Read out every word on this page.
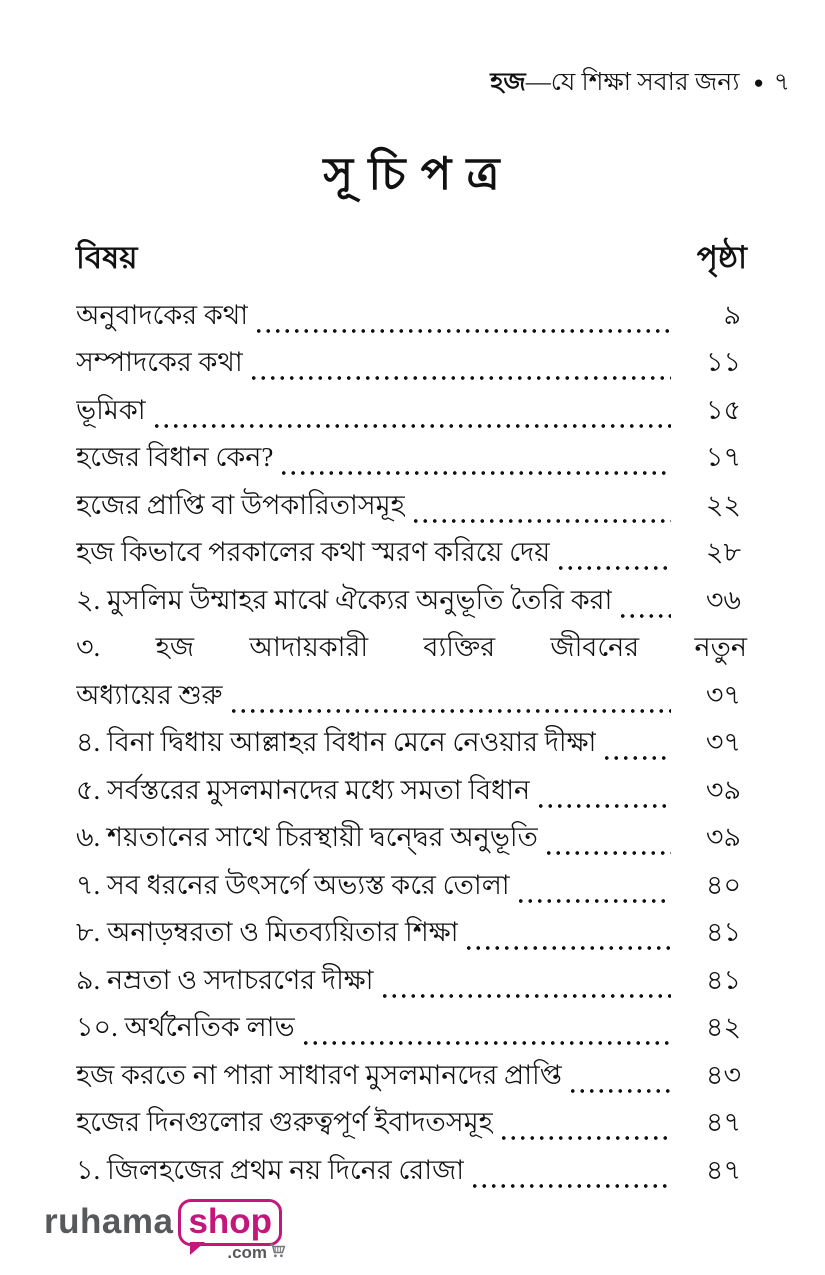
হজ—যে শিক্ষা সবার জন্য ● ৭
সূ চি প ত্র
বিষয়	পৃষ্ঠা
অনুবাদকের কথা	৯
সম্পাদকের কথা	১১
ভূমিকা	১৫
হজের বিধান কেন?	১৭
হজের প্রাপ্তি বা উপকারিতাসমূহ	২২
হজ কিভাবে পরকালের কথা স্মরণ করিয়ে দেয়	২৮
২. মুসলিম উম্মাহর মাঝে ঐক্যের অনুভূতি তৈরি করা	৩৬
৩. হজ আদায়কারী ব্যক্তির জীবনের নতুন
অধ্যায়ের শুরু	৩৭
৪. বিনা দ্বিধায় আল্লাহর বিধান মেনে নেওয়ার দীক্ষা	৩৭
৫. সর্বস্তরের মুসলমানদের মধ্যে সমতা বিধান	৩৯
৬. শয়তানের সাথে চিরস্থায়ী দ্বন্দ্বের অনুভূতি	৩৯
৭. সব ধরনের উৎসর্গে অভ্যস্ত করে তোলা	৪০
৮. অনাড়ম্বরতা ও মিতব্যয়িতার শিক্ষা	৪১
৯. নম্রতা ও সদাচরণের দীক্ষা	৪১
১০. অর্থনৈতিক লাভ	৪২
হজ করতে না পারা সাধারণ মুসলমানদের প্রাপ্তি	৪৩
হজের দিনগুলোর গুরুত্বপূর্ণ ইবাদতসমূহ	৪৭
১. জিলহজের প্রথম নয় দিনের রোজা	৪৭
ruhama shop
.com
